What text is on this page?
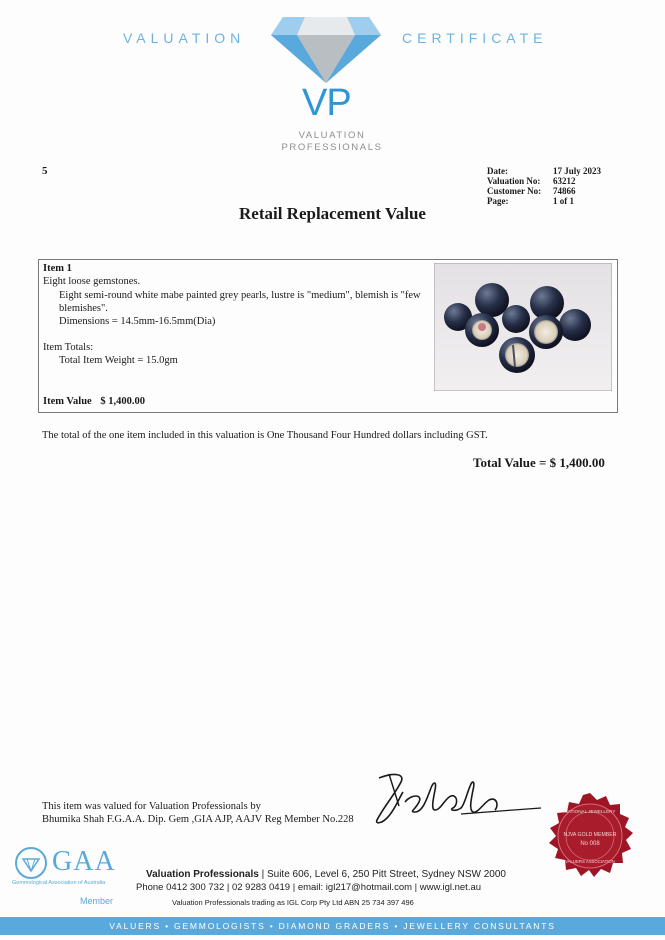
VALUATION	CERTIFICATE
VP
VALUATION
PROFESSIONALS
5	Date:	17 July 2023
Valuation No:	63212
Customer No:	74866
Page:	1 of 1
Retail Replacement Value
Item 1
Eight loose gemstones.
Eight semi-round white mabe painted grey pearls, lustre is "medium", blemish is "few blemishes".
Dimensions = 14.5mm-16.5mm(Dia)
Item Totals:
Total Item Weight = 15.0gm
Item Value $ 1,400.00
The total of the one item included in this valuation is One Thousand Four Hundred dollars including GST.
Total Value = $ 1,400.00
This item was valued for Valuation Professionals by
Bhumika Shah F.G.A.A. Dip. Gem ,GIA AJP, AAJV Reg Member No.228
NATIONAL JEWELLERY
NJVA GOLD MEMBER
No 008
VALUERS ASSOCIATION
GAA
Gemmological Association of Australia
Member
Valuation Professionals | Suite 606, Level 6, 250 Pitt Street, Sydney NSW 2000
Phone 0412 300 732 | 02 9283 0419 | email: igl217@hotmail.com | www.igl.net.au
Valuation Professionals trading as IGL Corp Pty Ltd ABN 25 734 397 496
VALUERS • GEMMOLOGISTS • DIAMOND GRADERS • JEWELLERY CONSULTANTS
